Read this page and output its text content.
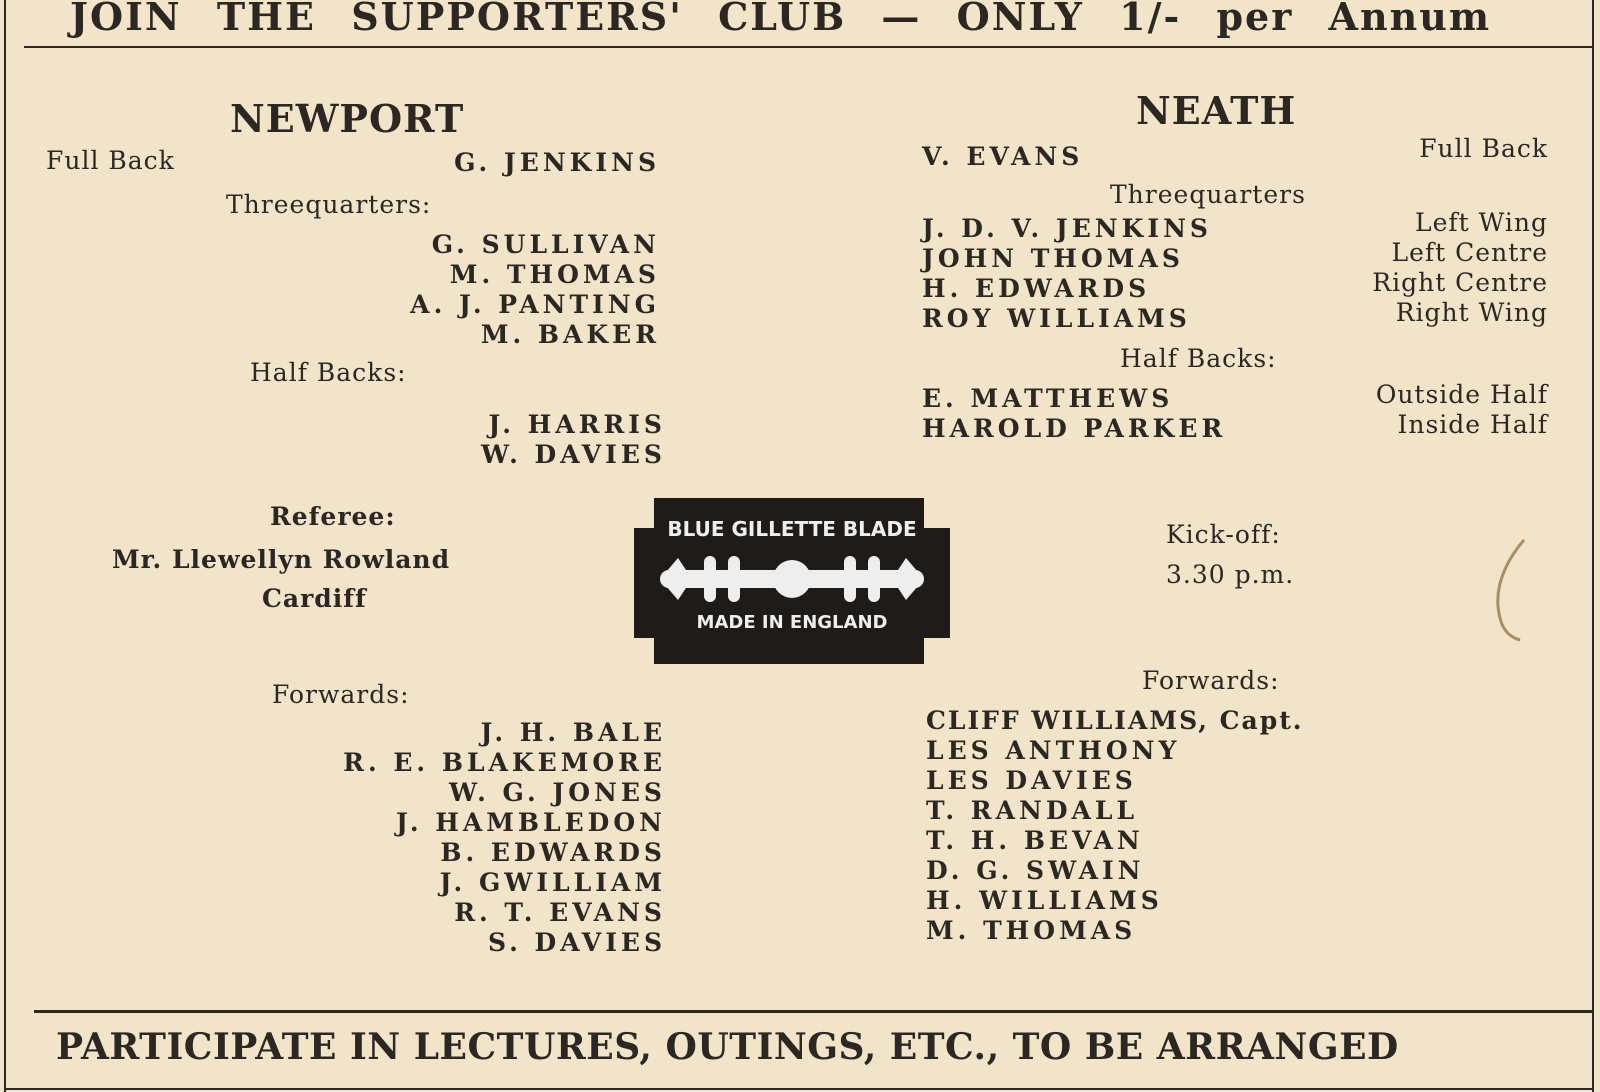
JOIN THE SUPPORTERS' CLUB — ONLY 1/- per Annum
NEWPORT
Full Back	G. JENKINS
Threequarters:
G. SULLIVAN
M. THOMAS
A. J. PANTING
M. BAKER
Half Backs:
J. HARRIS
W. DAVIES
Referee:
Mr. Llewellyn Rowland
Cardiff
Forwards:
J. H. BALE
R. E. BLAKEMORE
W. G. JONES
J. HAMBLEDON
B. EDWARDS
J. GWILLIAM
R. T. EVANS
S. DAVIES
BLUE GILLETTE BLADE
MADE IN ENGLAND
NEATH
V. EVANS	Full Back
Threequarters
J. D. V. JENKINS	Left Wing
JOHN THOMAS	Left Centre
H. EDWARDS	Right Centre
ROY WILLIAMS	Right Wing
Half Backs:
E. MATTHEWS	Outside Half
HAROLD PARKER	Inside Half
Kick-off:
3.30 p.m.
Forwards:
CLIFF WILLIAMS, Capt.
LES ANTHONY
LES DAVIES
T. RANDALL
T. H. BEVAN
D. G. SWAIN
H. WILLIAMS
M. THOMAS
PARTICIPATE IN LECTURES, OUTINGS, ETC., TO BE ARRANGED
